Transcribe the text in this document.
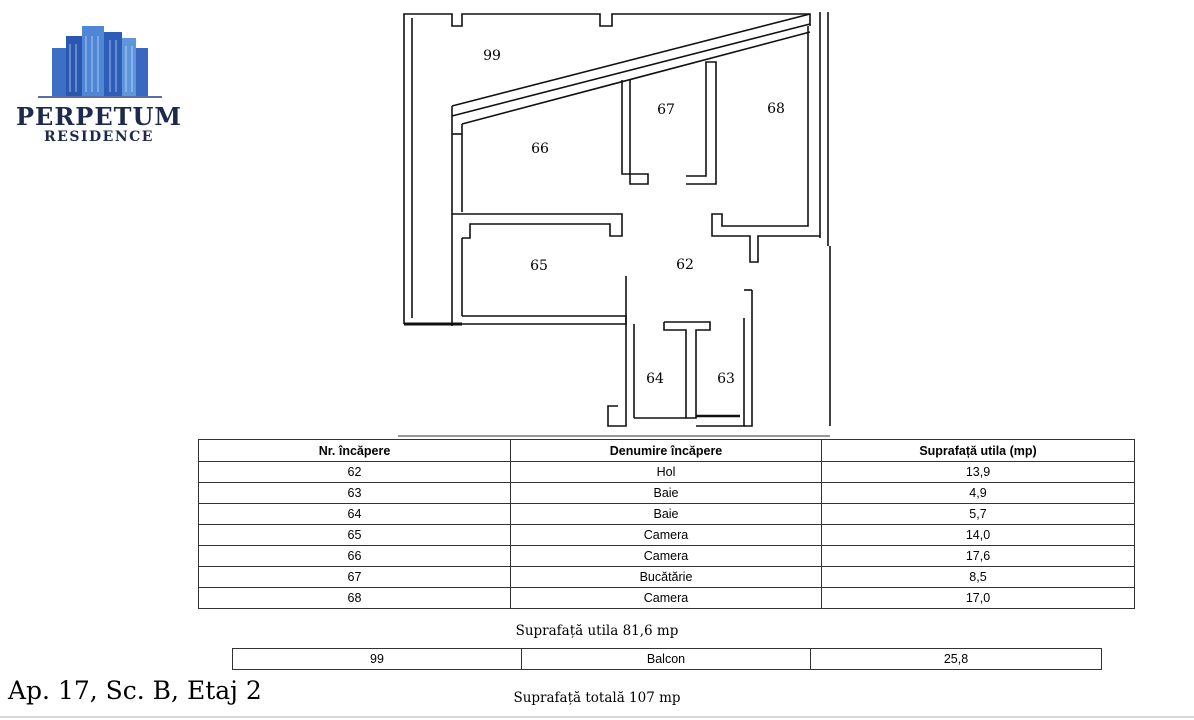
PERPETUM
RESIDENCE
99
66
67	68
65	62
64	63
Nr. încăpere	Denumire încăpere	Suprafață utila (mp)
62	Hol	13,9
63	Baie	4,9
64	Baie	5,7
65	Camera	14,0
66	Camera	17,6
67	Bucătărie	8,5
68	Camera	17,0
Suprafață utila 81,6 mp
99	Balcon	25,8
Ap. 17, Sc. B, Etaj 2	Suprafață totală 107 mp
